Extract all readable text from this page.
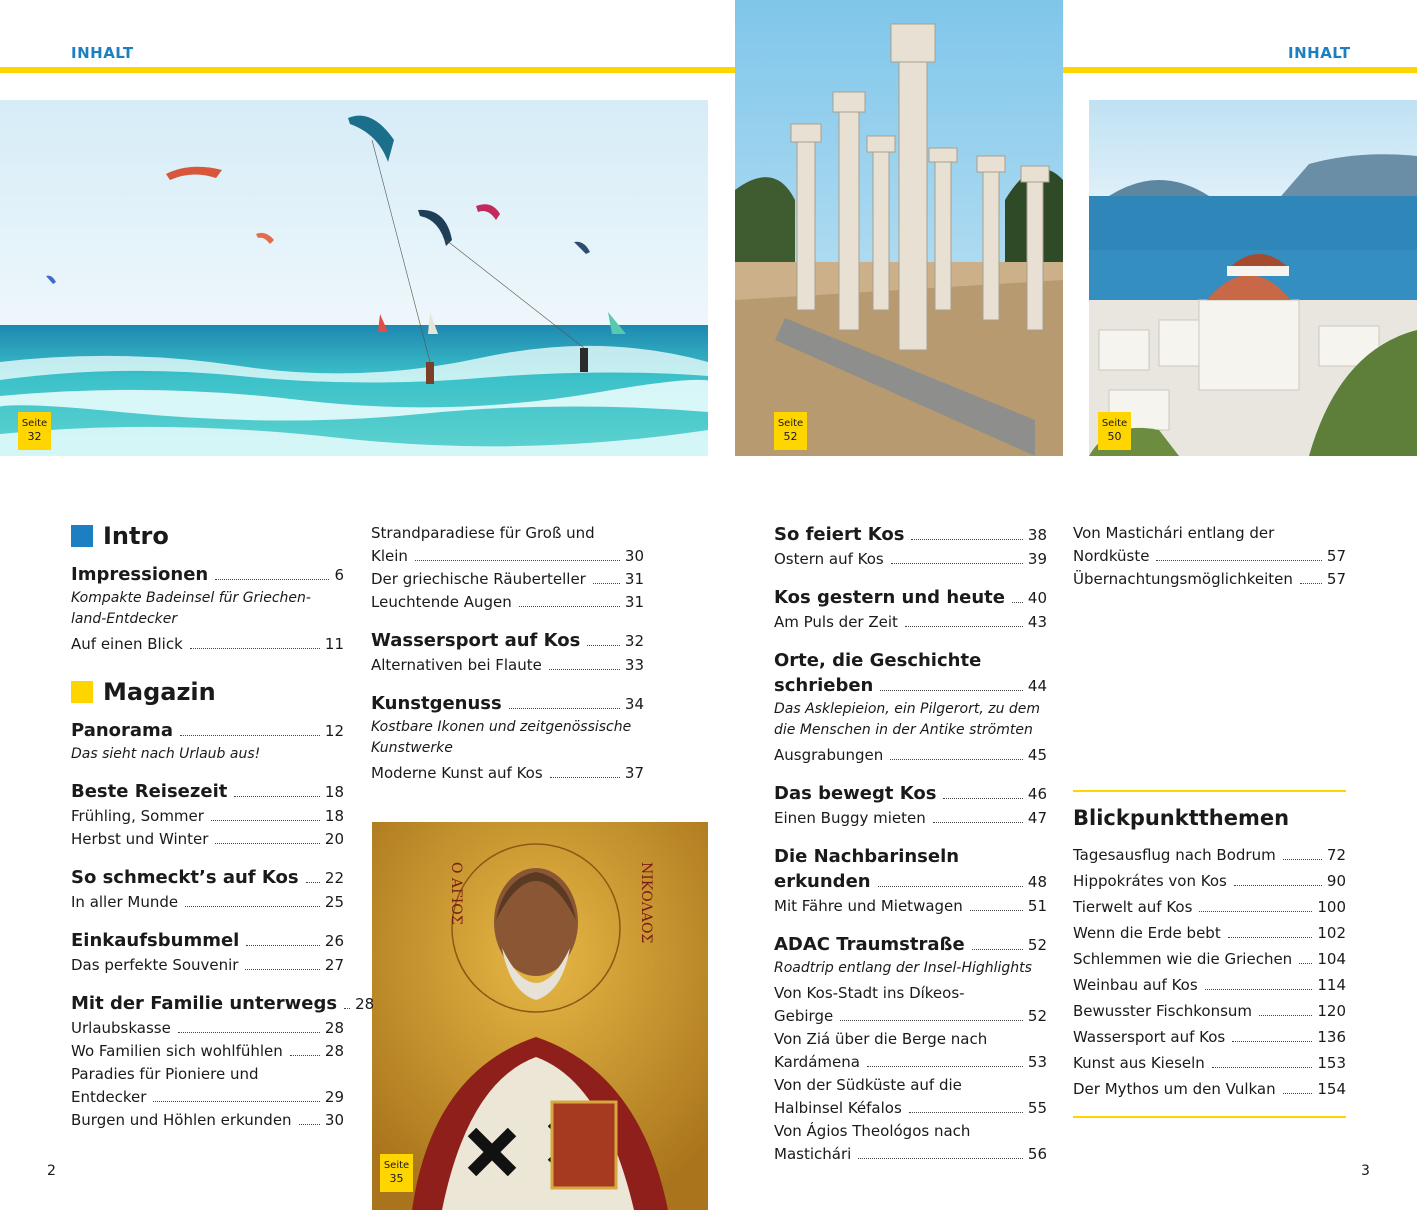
INHALT	INHALT
Seite
32
Seite
52
Seite
50
Ο ΑΓΙΟΣ	ΝΙΚΟΛΑΟΣ
Seite
35
Intro
Impressionen	6
Kompakte Badeinsel für Griechen-
land-Entdecker
Auf einen Blick	11
Magazin
Panorama	12
Das sieht nach Urlaub aus!
Beste Reisezeit	18
Frühling, Sommer	18
Herbst und Winter	20
So schmeckt’s auf Kos 22
In aller Munde	25
Einkaufsbummel	26
Das perfekte Souvenir	27
Mit der Familie unterwegs 28
Urlaubskasse	28
Wo Familien sich wohlfühlen	28
Paradies für Pioniere und
Entdecker	29
Burgen und Höhlen erkunden 30
Strandparadiese für Groß und
Klein	30
Der griechische Räuberteller	31
Leuchtende Augen	31
Wassersport auf Kos	32
Alternativen bei Flaute	33
Kunstgenuss	34
Kostbare Ikonen und zeitgenössische
Kunstwerke
Moderne Kunst auf Kos	37
So feiert Kos	38
Ostern auf Kos	39
Kos gestern und heute 40
Am Puls der Zeit	43
Orte, die Geschichte
schrieben	44
Das Asklepieion, ein Pilgerort, zu dem
die Menschen in der Antike strömten
Ausgrabungen	45
Das bewegt Kos	46
Einen Buggy mieten	47
Die Nachbarinseln
erkunden	48
Mit Fähre und Mietwagen	51
ADAC Traumstraße	52
Roadtrip entlang der Insel-Highlights
Von Kos-Stadt ins Díkeos-
Gebirge	52
Von Ziá über die Berge nach
Kardámena	53
Von der Südküste auf die
Halbinsel Kéfalos	55
Von Ágios Theológos nach
Mastichári	56
Von Mastichári entlang der
Nordküste	57
Übernachtungsmöglichkeiten 57
Blickpunktthemen
Tagesausflug nach Bodrum	72
Hippokrátes von Kos	90
Tierwelt auf Kos	100
Wenn die Erde bebt	102
Schlemmen wie die Griechen 104
Weinbau auf Kos	114
Bewusster Fischkonsum	120
Wassersport auf Kos	136
Kunst aus Kieseln	153
Der Mythos um den Vulkan	154
2	3
